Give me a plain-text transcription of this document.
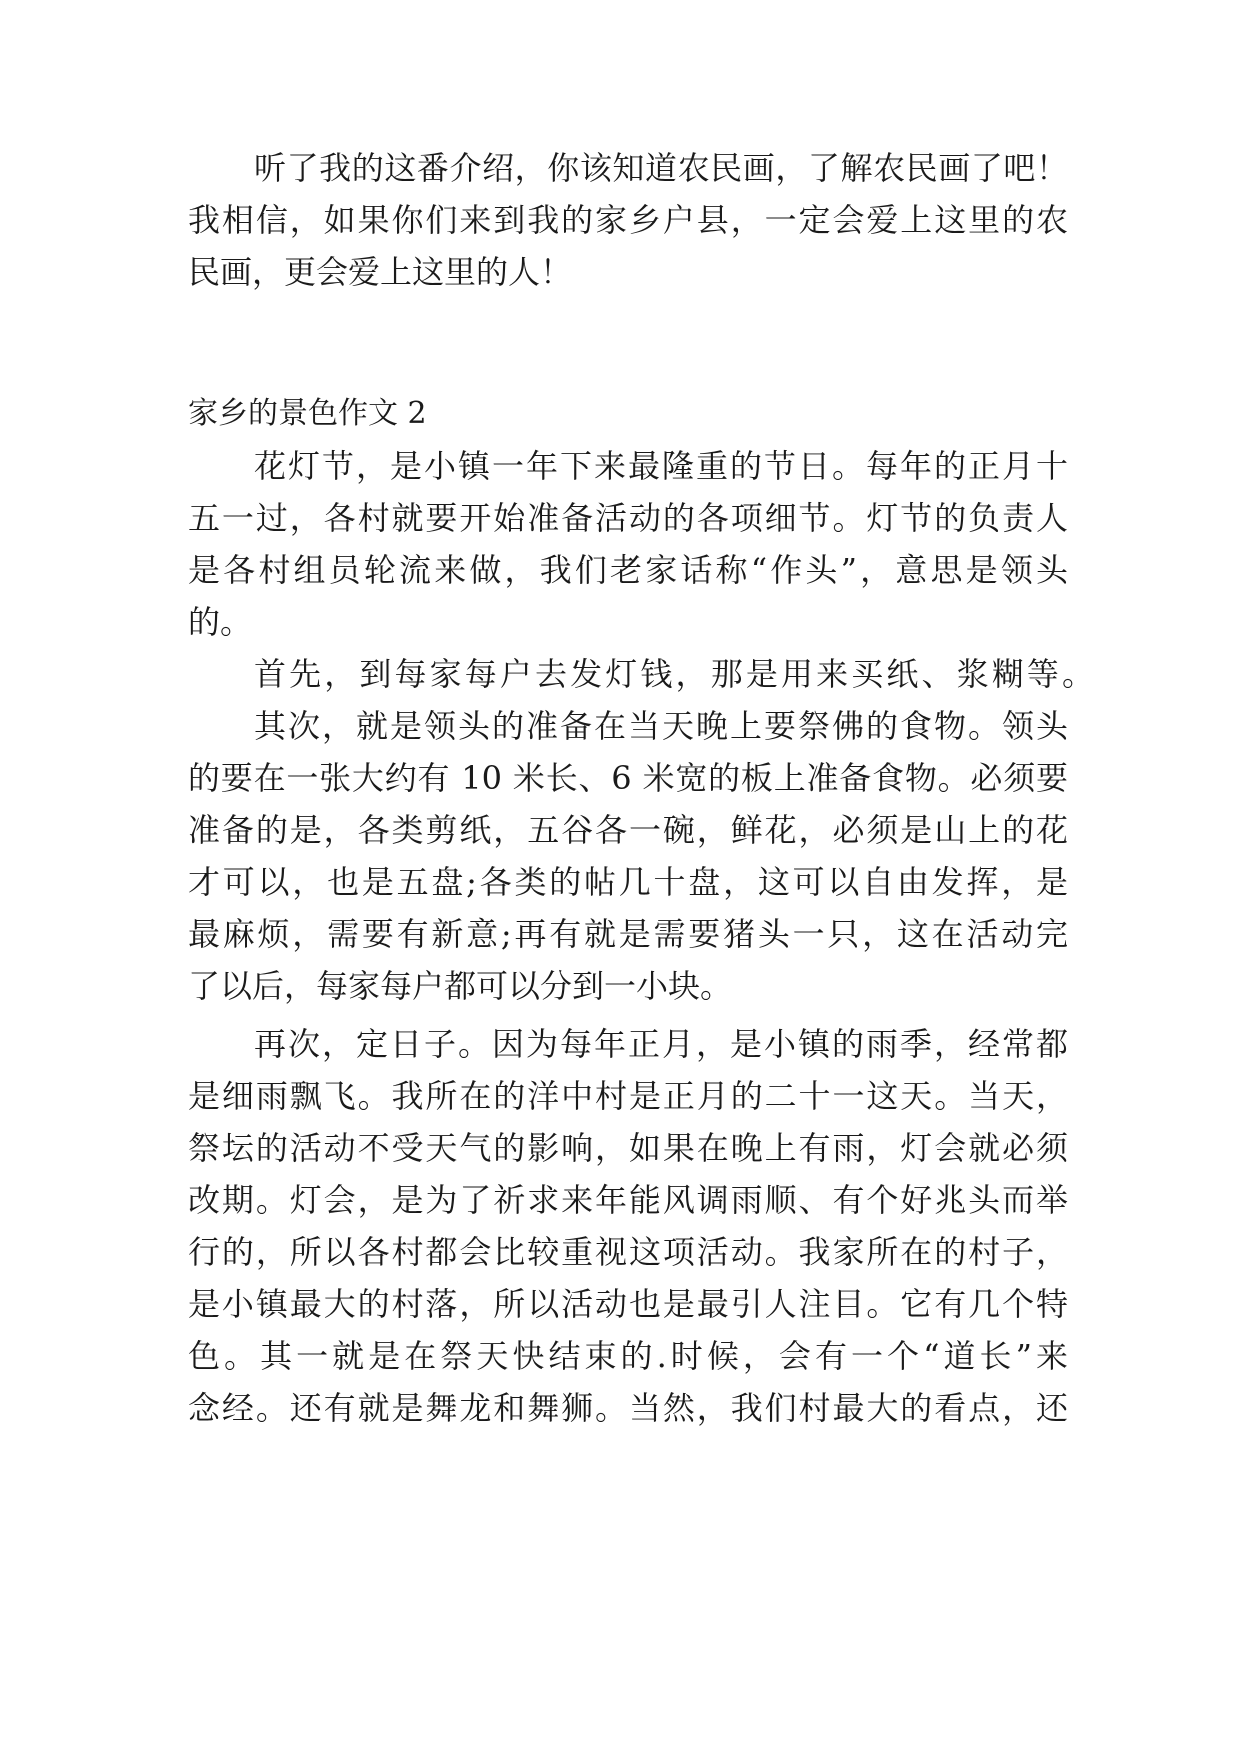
听了我的这番介绍，你该知道农民画，了解农民画了吧！
我相信，如果你们来到我的家乡户县，一定会爱上这里的农
民画，更会爱上这里的人！
家乡的景色作文 2
花灯节，是小镇一年下来最隆重的节日。每年的正月十
五一过，各村就要开始准备活动的各项细节。灯节的负责人
是各村组员轮流来做，我们老家话称“作头”，意思是领头
的。
首先，到每家每户去发灯钱，那是用来买纸、浆糊等。
其次，就是领头的准备在当天晚上要祭佛的食物。领头
的要在一张大约有 10 米长、6 米宽的板上准备食物。必须要
准备的是，各类剪纸，五谷各一碗，鲜花，必须是山上的花
才可以，也是五盘;各类的帖几十盘，这可以自由发挥，是
最麻烦，需要有新意;再有就是需要猪头一只，这在活动完
了以后，每家每户都可以分到一小块。
再次，定日子。因为每年正月，是小镇的雨季，经常都
是细雨飘飞。我所在的洋中村是正月的二十一这天。当天，
祭坛的活动不受天气的影响，如果在晚上有雨，灯会就必须
改期。灯会，是为了祈求来年能风调雨顺、有个好兆头而举
行的，所以各村都会比较重视这项活动。我家所在的村子，
是小镇最大的村落，所以活动也是最引人注目。它有几个特
色。其一就是在祭天快结束的.时候，会有一个“道长”来
念经。还有就是舞龙和舞狮。当然，我们村最大的看点，还
